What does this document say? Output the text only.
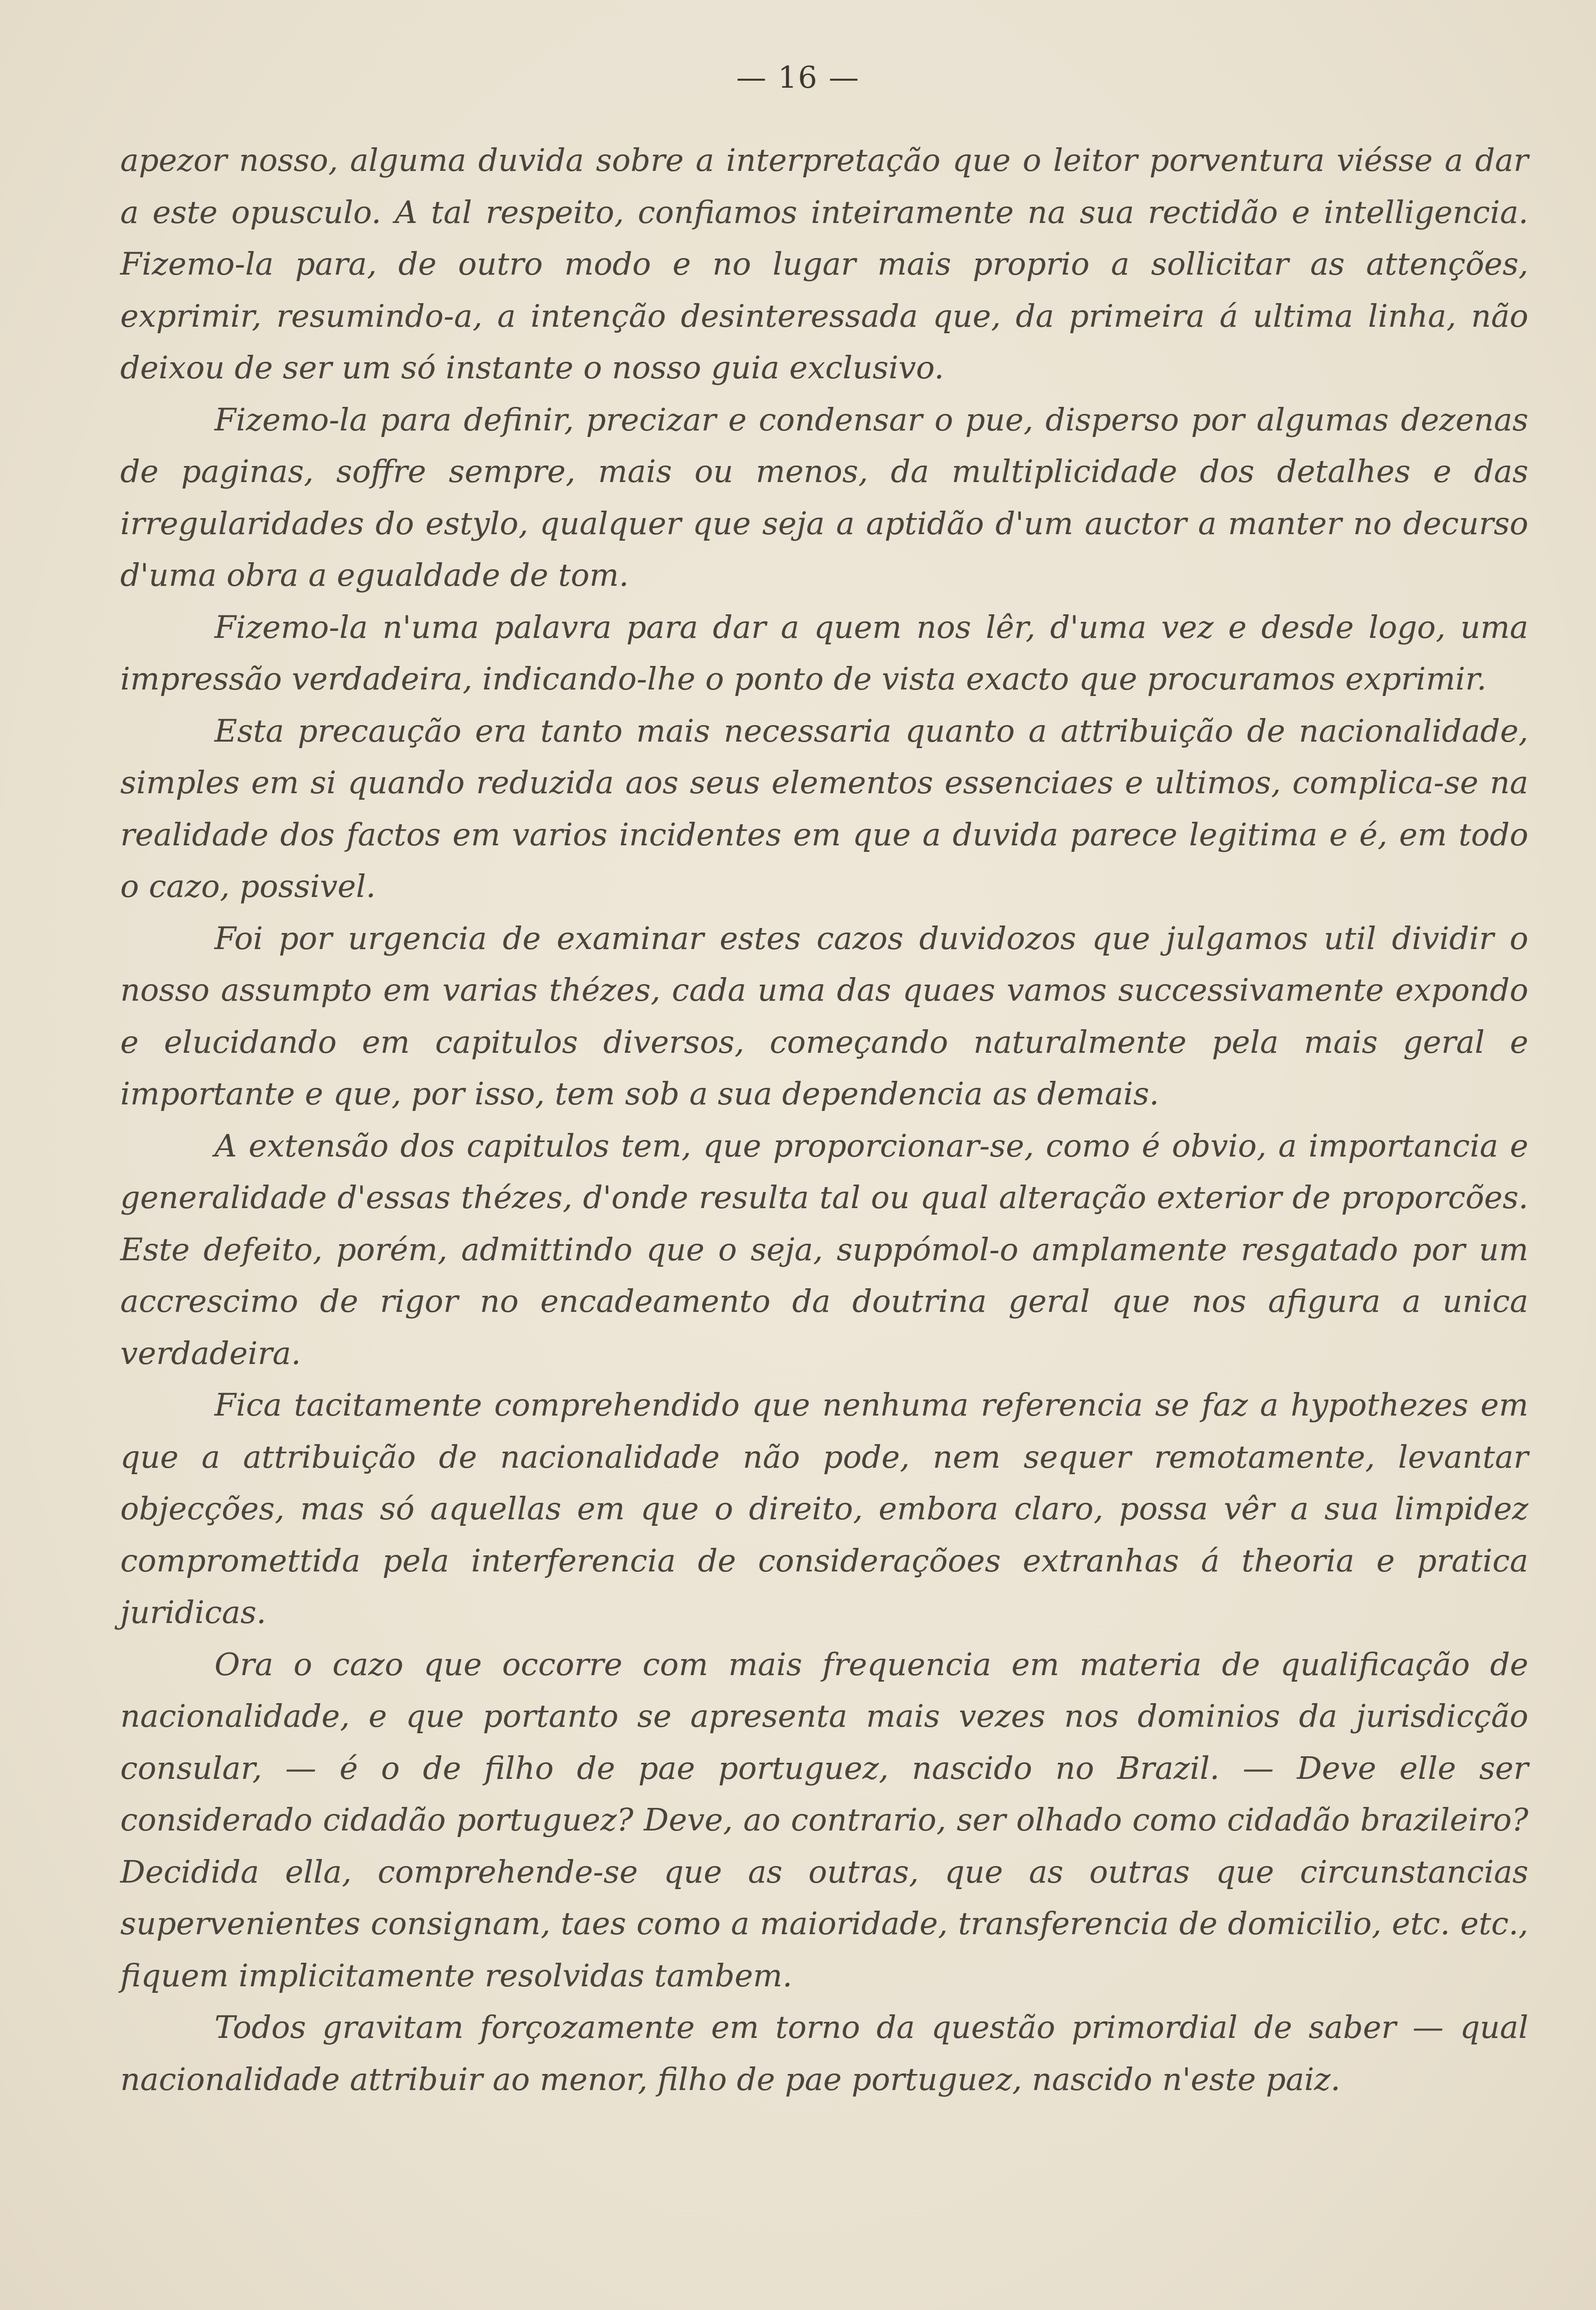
— 16 —

apezor nosso, alguma duvida sobre a interpretação que o leitor porventura viésse a dar a este opusculo. A tal respeito, confiamos inteiramente na sua rectidão e intelligencia. Fizemo-la para, de outro modo e no lugar mais proprio a sollicitar as attenções, exprimir, resumindo-a, a intenção desinteressada que, da primeira á ultima linha, não deixou de ser um só instante o nosso guia exclusivo.

Fizemo-la para definir, precizar e condensar o pue, disperso por algumas dezenas de paginas, soffre sempre, mais ou menos, da multiplicidade dos detalhes e das irregularidades do estylo, qualquer que seja a aptidão d'um auctor a manter no decurso d'uma obra a egualdade de tom.

Fizemo-la n'uma palavra para dar a quem nos lêr, d'uma vez e desde logo, uma impressão verdadeira, indicando-lhe o ponto de vista exacto que procuramos exprimir.

Esta precaução era tanto mais necessaria quanto a attribuição de nacionalidade, simples em si quando reduzida aos seus elementos essenciaes e ultimos, complica-se na realidade dos factos em varios incidentes em que a duvida parece legitima e é, em todo o cazo, possivel.

Foi por urgencia de examinar estes cazos duvidozos que julgamos util dividir o nosso assumpto em varias thézes, cada uma das quaes vamos successivamente expondo e elucidando em capitulos diversos, começando naturalmente pela mais geral e importante e que, por isso, tem sob a sua dependencia as demais.

A extensão dos capitulos tem, que proporcionar-se, como é obvio, a importancia e generalidade d'essas thézes, d'onde resulta tal ou qual alteração exterior de proporcões. Este defeito, porém, admittindo que o seja, suppómol-o amplamente resgatado por um accrescimo de rigor no encadeamento da doutrina geral que nos afigura a unica verdadeira.

Fica tacitamente comprehendido que nenhuma referencia se faz a hypothezes em que a attribuição de nacionalidade não pode, nem sequer remotamente, levantar objecções, mas só aquellas em que o direito, embora claro, possa vêr a sua limpidez compromettida pela interferencia de consideraçõoes extranhas á theoria e pratica juridicas.

Ora o cazo que occorre com mais frequencia em materia de qualificação de nacionalidade, e que portanto se apresenta mais vezes nos dominios da jurisdicção consular, — é o de filho de pae portuguez, nascido no Brazil. — Deve elle ser considerado cidadão portuguez? Deve, ao contrario, ser olhado como cidadão brazileiro? Decidida ella, comprehende-se que as outras, que as outras que circunstancias supervenientes consignam, taes como a maioridade, transferencia de domicilio, etc. etc., fiquem implicitamente resolvidas tambem.

Todos gravitam forçozamente em torno da questão primordial de saber — qual nacionalidade attribuir ao menor, filho de pae portuguez, nascido n'este paiz.
